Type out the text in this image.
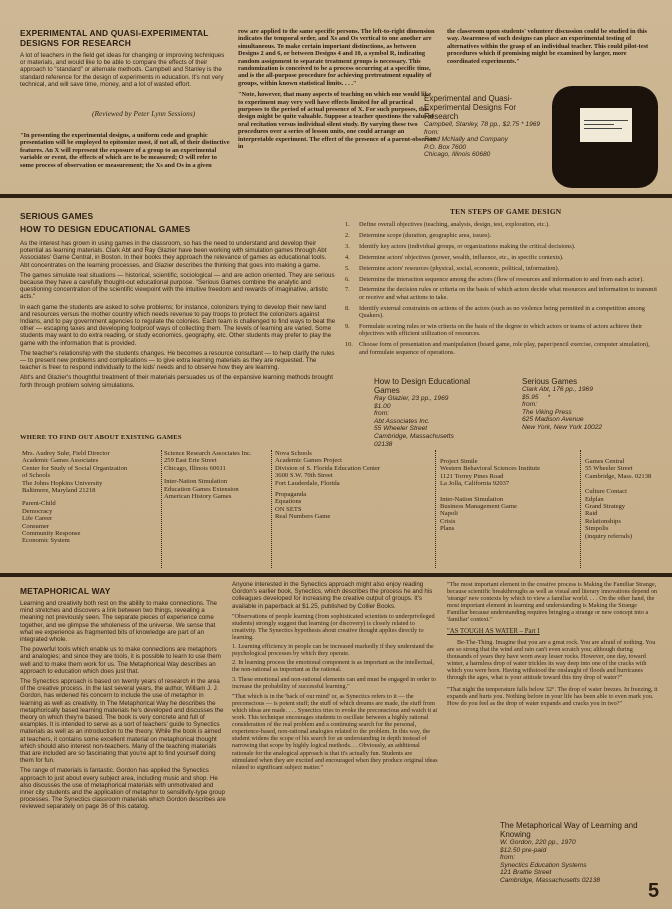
EXPERIMENTAL AND QUASI-EXPERIMENTAL DESIGNS FOR RESEARCH

A lot of teachers in the field get ideas for changing or improving techniques or materials, and would like to be able to compare the effects of their approach to "standard" or alternate methods. Campbell and Stanley is the standard reference for the design of experiments in education. It's not very technical, and will save time, money, and a lot of wasted effort.

(Reviewed by Peter Lynn Sessions)

"In presenting the experimental designs, a uniform code and graphic presentation will be employed to epitomize most, if not all, of their distinctive features. An X will represent the exposure of a group to an experimental variable or event, the effects of which are to be measured; O will refer to some process of observation or measurement; the Xs and Os in a given

row are applied to the same specific persons. The left-to-right dimension indicates the temporal order, and Xs and Os vertical to one another are simultaneous. To make certain important distinctions, as between Designs 2 and 6, or between Designs 4 and 10, a symbol R, indicating random assignment to separate treatment groups is necessary. This randomization is conceived to be a process occurring at a specific time, and is the all-purpose procedure for achieving pretreatment equality of groups, within known statistical limits. . . ."

"Note, however, that many aspects of teaching on which one would like to experiment may very well have effects limited for all practical purposes to the period of actual presence of X. For such purposes, this design might be quite valuable. Suppose a teacher questions the value of oral recitation versus individual silent study. By varying these two procedures over a series of lesson units, one could arrange an interpretable experiment. The effect of the presence of a parent-observer in

the classroom upon students' volunteer discussion could be studied in this way. Awareness of such designs can place an experimental testing of alternatives within the grasp of an individual teacher. This could pilot-test procedures which if promising might be examined by larger, more coordinated experiments."

Experimental and Quasi-Experimental Designs For Research
Campbell, Stanley, 78 pp., $2.75 * 1969
from:
Rand McNally and Company
P.O. Box 7600
Chicago, Illinois 60680
SERIOUS GAMES
HOW TO DESIGN EDUCATIONAL GAMES

As the interest has grown in using games in the classroom, so has the need to understand and develop their potential as learning materials. Clark Abt and Ray Glazier have been working with simulation games through Abt Associates' Game Central, in Boston. In their books they approach the relevance of games as educational tools. Abt concentrates on the learning processes, and Glazier describes the thinking that goes into making a game.

The games simulate real situations — historical, scientific, sociological — and are action oriented. They are serious because they have a carefully thought-out educational purpose. "Serious Games combine the analytic and questioning concentration of the scientific viewpoint with the intuitive freedom and rewards of imaginative, artistic acts."

In each game the students are asked to solve problems; for instance, colonizers trying to develop their new land and resources versus the mother country which needs revenue to pay troops to protect the colonizers against Indians, and to pay government agencies to regulate the colonies. Each team is challenged to find ways to beat the other — escaping taxes and developing foolproof ways of collecting them. The levels of learning are varied. Some students may want to do extra reading, or study economics, geography, etc. Other students may prefer to play the game with the information that is provided.

The teacher's relationship with the students changes. He becomes a resource consultant — to help clarify the rules — to present new problems and complications — to give extra learning materials as they are requested. The teacher is freer to respond individually to the kids' needs and to observe how they are learning.

Abt's and Glazier's thoughtful treatment of their materials persuades us of the expansive learning methods brought forth through problem solving simulations.

WHERE TO FIND OUT ABOUT EXISTING GAMES
TEN STEPS OF GAME DESIGN
1. Define overall objectives (teaching, analysis, design, test, exploration, etc.).
2. Determine scope (duration, geographic area, issues).
3. Identify key actors (individual groups, or organizations making the critical decisions).
4. Determine actors' objectives (power, wealth, influence, etc., in specific contexts).
5. Determine actors' resources (physical, social, economic, political, information).
6. Determine the interaction sequence among the actors (flow of resources and information to and from each actor).
7. Determine the decision rules or criteria on the basis of which actors decide what resources and information to transmit or receive and what actions to take.
8. Identify external constraints on actions of the actors (such as no violence being permitted in a competition among Quakers).
9. Formulate scoring rules or win criteria on the basis of the degree to which actors or teams of actors achieve their objectives with efficient utilization of resources.
10. Choose form of presentation and manipulation (board game, role play, paper/pencil exercise, computer simulation), and formulate sequence of operations.
How to Design Educational Games
Ray Glazier, 23 pp., 1969
$1.00
from:
Abt Associates Inc.
55 Wheeler Street
Cambridge, Massachusetts
02138
Serious Games
Clark Abt, 176 pp., 1969
$5.95 *
from:
The Viking Press
625 Madison Avenue
New York, New York 10022
Mrs. Audrey Suhr, Field Director
Academic Games Associates
Center for Study of Social Organization
of Schools
The Johns Hopkins University
Baltimore, Maryland 21218
Parent-Child
Democracy
Life Career
Consumer
Community Response
Economic System
Science Research Associates Inc.
259 East Erie Street
Chicago, Illinois 60611
Inter-Nation Simulation
Education Games Extension
American History Games
Nova Schools
Academic Games Project
Division of S. Florida Education Center
3600 S.W. 70th Street
Fort Lauderdale, Florida
Propaganda
Equations
ON SETS
Real Numbers Game
Project Simile
Western Behavioral Sciences Institute
1121 Torrey Pines Road
La Jolla, California 92037
Inter-Nation Simulation
Business Management Game
Napoli
Crisis
Plans
Games Central
55 Wheeler Street
Cambridge, Mass. 02138
Culture Contact
Edplan
Grand Strategy
Raid
Relationships
Simpolis
(inquiry referrals)
METAPHORICAL WAY

Learning and creativity both rest on the ability to make connections. The mind stretches and discovers a link between two things, revealing a meaning not previously seen. The separate pieces of experience come together, and we glimpse the wholeness of the universe. We sense that what we experience as fragmented bits of knowledge are part of an integrated whole.

The powerful tools which enable us to make connections are metaphors and analogies; and since they are tools, it is possible to learn to use them well and to make them work for us. The Metaphorical Way describes an approach to education which does just that.

The Synectics approach is based on twenty years of research in the area of the creative process. In the last several years, the author, William J. J. Gordon, has widened his concern to include the use of metaphor in learning as well as creativity. In The Metaphorical Way he describes the metaphorically based learning materials he's developed and discusses the theory on which they're based. The book is very concrete and full of examples. It is intended to serve as a sort of teachers' guide to Synectics materials as well as an introduction to the theory. While the book is aimed at teachers, it contains some excellent material on metaphorical thought which should also interest non-teachers. Many of the teaching materials that are included are so fascinating that you're apt to find yourself doing them for fun.

The range of materials is fantastic. Gordon has applied the Synectics approach to just about every subject area, including music and shop. He also discusses the use of metaphorical materials with unmotivated and inner city students and the application of metaphor to sensitivity-type group processes. The Synectics classroom materials which Gordon describes are reviewed separately on page 36 of this catalog.

Anyone interested in the Synectics approach might also enjoy reading Gordon's earlier book, Synectics, which describes the process he and his colleagues developed for increasing the creative output of groups. It's available in paperback at $1.25, published by Collier Books.

"Observations of people learning (from sophisticated scientists to underprivileged students) strongly suggest that learning (or discovery) is closely related to creativity. The Synectics hypothesis about creative thought applies directly to learning.

1. Learning efficiency in people can be increased markedly if they understand the psychological processes by which they operate.

2. In learning process the emotional component is as important as the intellectual, the non-rational as important as the rational.

3. These emotional and non-rational elements can and must be engaged in order to increase the probability of successful learning."

"That which is in the 'back of our mind' or, as Synectics refers to it — the preconscious — is potent stuff; the stuff of which dreams are made, the stuff from which ideas are made. . . . Synectics tries to evoke the preconscious and watch it at work. This technique encourages students to oscillate between a highly rational consideration of the real problem and a continuing search for the personal, experience-based, non-rational analogies related to the problem. In this way, the student widens the scope of his search for an understanding in depth instead of narrowing that scope by highly logical methods. . . Obviously, an additional rationale for the analogical approach is that it's actually fun. Students are stimulated when they are excited and encouraged when they produce original ideas related to significant subject matter."

"The most important element in the creative process is Making the Familiar Strange, because scientific breakthroughs as well as visual and literary innovations depend on 'strange' new contexts by which to view a familiar world. . . . On the other hand, the most important element in learning and understanding is Making the Strange Familiar because understanding requires bringing a strange or new concept into a 'familiar' context."

"AS TOUGH AS WATER – Part I

Be-The-Thing. Imagine that you are a great rock. You are afraid of nothing. You are so strong that the wind and rain can't even scratch you; although during thousands of years they have worn away lesser rocks. However, one day, toward winter, a harmless drop of water trickles its way deep into one of the cracks with which you were born. Having withstood the onslaught of floods and hurricanes through the ages, what is your attitude toward this tiny drop of water?"

"That night the temperature falls below 32°. The drop of water freezes. In freezing, it expands and hurts you. Nothing before in your life has been able to even mark you. How do you feel as the drop of water expands and cracks you in two?"

The Metaphorical Way of Learning and Knowing
W. Gordon, 220 pp., 1970
$12.50 pre-paid
from:
Synectics Education Systems
121 Brattle Street
Cambridge, Massachusetts 02138	5
